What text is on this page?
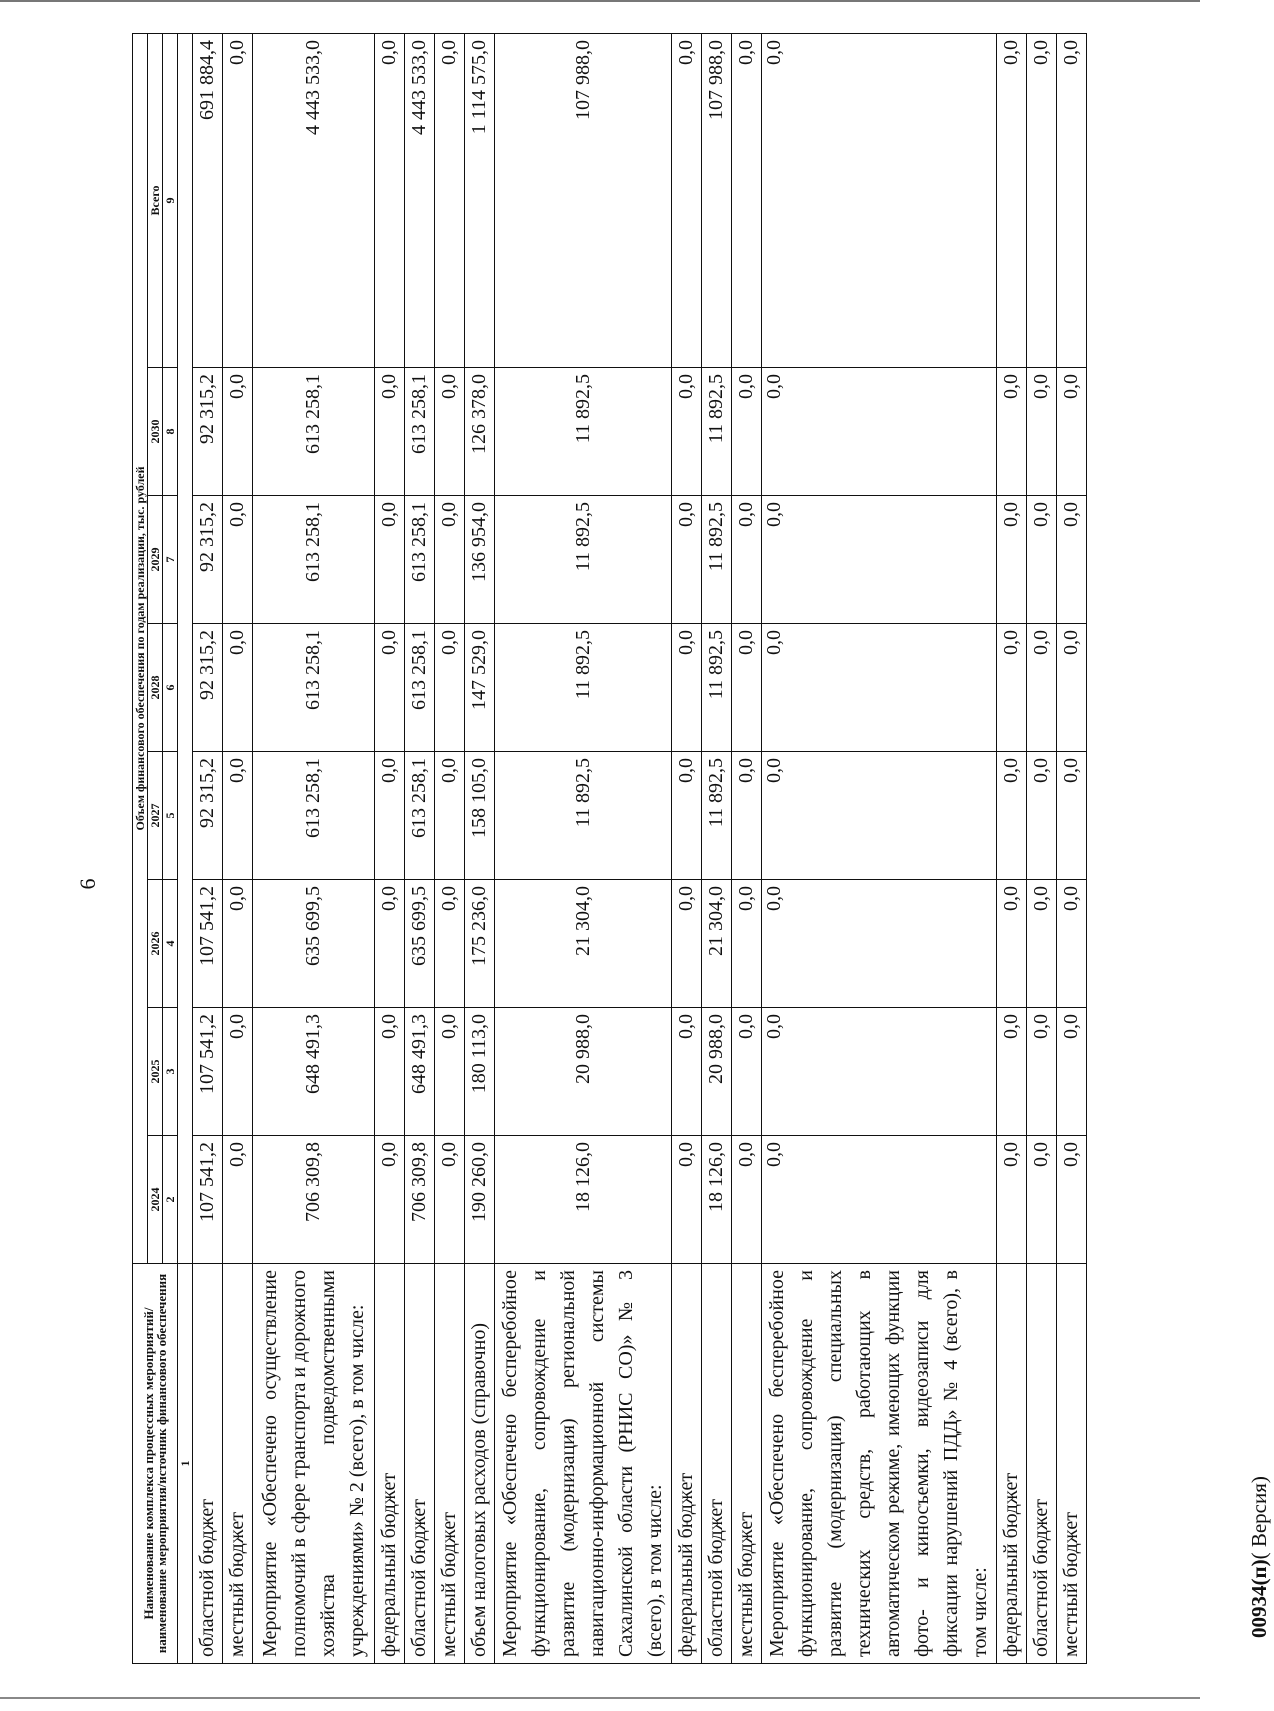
6
00934(п)( Версия)
Наименование комплекса процессных мероприятий/
наименование мероприятия/источник финансового обеспечения	Объем финансового обеспечения по годам реализации, тыс. рублей							
	2024	2025	2026	2027	2028	2029	2030	Всего
	2	3	4	5	6	7	8	9
1								
областной бюджет	107 541,2	107 541,2	107 541,2	92 315,2	92 315,2	92 315,2	92 315,2	691 884,4
местный бюджет	0,0	0,0	0,0	0,0	0,0	0,0	0,0	0,0
Мероприятие «Обеспечено осуществление полномочий в сфере транспорта и дорожного хозяйства подведомственными учреждениями» № 2 (всего), в том числе:	706 309,8	648 491,3	635 699,5	613 258,1	613 258,1	613 258,1	613 258,1	4 443 533,0
федеральный бюджет	0,0	0,0	0,0	0,0	0,0	0,0	0,0	0,0
областной бюджет	706 309,8	648 491,3	635 699,5	613 258,1	613 258,1	613 258,1	613 258,1	4 443 533,0
местный бюджет	0,0	0,0	0,0	0,0	0,0	0,0	0,0	0,0
объем налоговых расходов (справочно)	190 260,0	180 113,0	175 236,0	158 105,0	147 529,0	136 954,0	126 378,0	1 114 575,0
Мероприятие «Обеспечено бесперебойное функционирование, сопровождение и развитие (модернизация) региональной навигационно-информационной системы Сахалинской области (РНИС СО)» № 3 (всего), в том числе:	18 126,0	20 988,0	21 304,0	11 892,5	11 892,5	11 892,5	11 892,5	107 988,0
федеральный бюджет	0,0	0,0	0,0	0,0	0,0	0,0	0,0	0,0
областной бюджет	18 126,0	20 988,0	21 304,0	11 892,5	11 892,5	11 892,5	11 892,5	107 988,0
местный бюджет	0,0	0,0	0,0	0,0	0,0	0,0	0,0	0,0
Мероприятие «Обеспечено бесперебойное функционирование, сопровождение и развитие (модернизация) специальных технических средств, работающих в автоматическом режиме, имеющих функции фото- и киносъемки, видеозаписи для фиксации нарушений ПДД» № 4 (всего), в том числе:	0,0	0,0	0,0	0,0	0,0	0,0	0,0	0,0
федеральный бюджет	0,0	0,0	0,0	0,0	0,0	0,0	0,0	0,0
областной бюджет	0,0	0,0	0,0	0,0	0,0	0,0	0,0	0,0
местный бюджет	0,0	0,0	0,0	0,0	0,0	0,0	0,0	0,0
